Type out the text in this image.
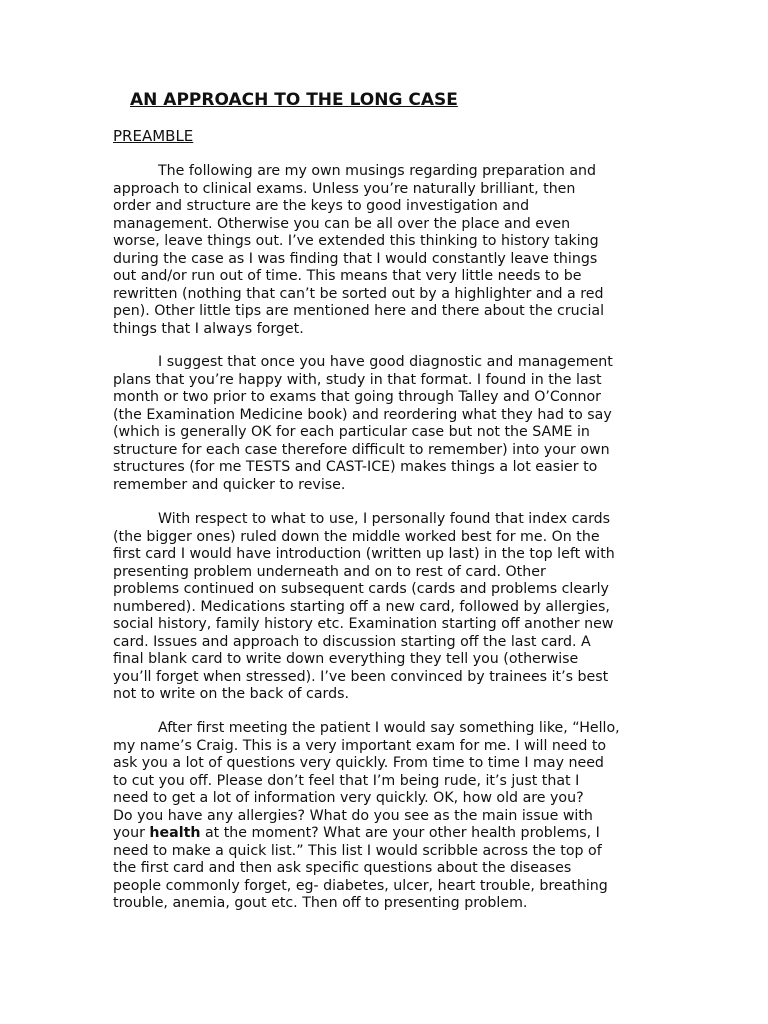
AN APPROACH TO THE LONG CASE
PREAMBLE

The following are my own musings regarding preparation and
approach to clinical exams. Unless you’re naturally brilliant, then
order and structure are the keys to good investigation and
management. Otherwise you can be all over the place and even
worse, leave things out. I’ve extended this thinking to history taking
during the case as I was finding that I would constantly leave things
out and/or run out of time. This means that very little needs to be
rewritten (nothing that can’t be sorted out by a highlighter and a red
pen). Other little tips are mentioned here and there about the crucial
things that I always forget.

I suggest that once you have good diagnostic and management
plans that you’re happy with, study in that format. I found in the last
month or two prior to exams that going through Talley and O’Connor
(the Examination Medicine book) and reordering what they had to say
(which is generally OK for each particular case but not the SAME in
structure for each case therefore difficult to remember) into your own
structures (for me TESTS and CAST-ICE) makes things a lot easier to
remember and quicker to revise.

With respect to what to use, I personally found that index cards
(the bigger ones) ruled down the middle worked best for me. On the
first card I would have introduction (written up last) in the top left with
presenting problem underneath and on to rest of card. Other
problems continued on subsequent cards (cards and problems clearly
numbered). Medications starting off a new card, followed by allergies,
social history, family history etc. Examination starting off another new
card. Issues and approach to discussion starting off the last card. A
final blank card to write down everything they tell you (otherwise
you’ll forget when stressed). I’ve been convinced by trainees it’s best
not to write on the back of cards.

After first meeting the patient I would say something like, “Hello,
my name’s Craig. This is a very important exam for me. I will need to
ask you a lot of questions very quickly. From time to time I may need
to cut you off. Please don’t feel that I’m being rude, it’s just that I
need to get a lot of information very quickly. OK, how old are you?
Do you have any allergies? What do you see as the main issue with
your health at the moment? What are your other health problems, I
need to make a quick list.” This list I would scribble across the top of
the first card and then ask specific questions about the diseases
people commonly forget, eg- diabetes, ulcer, heart trouble, breathing
trouble, anemia, gout etc. Then off to presenting problem.
